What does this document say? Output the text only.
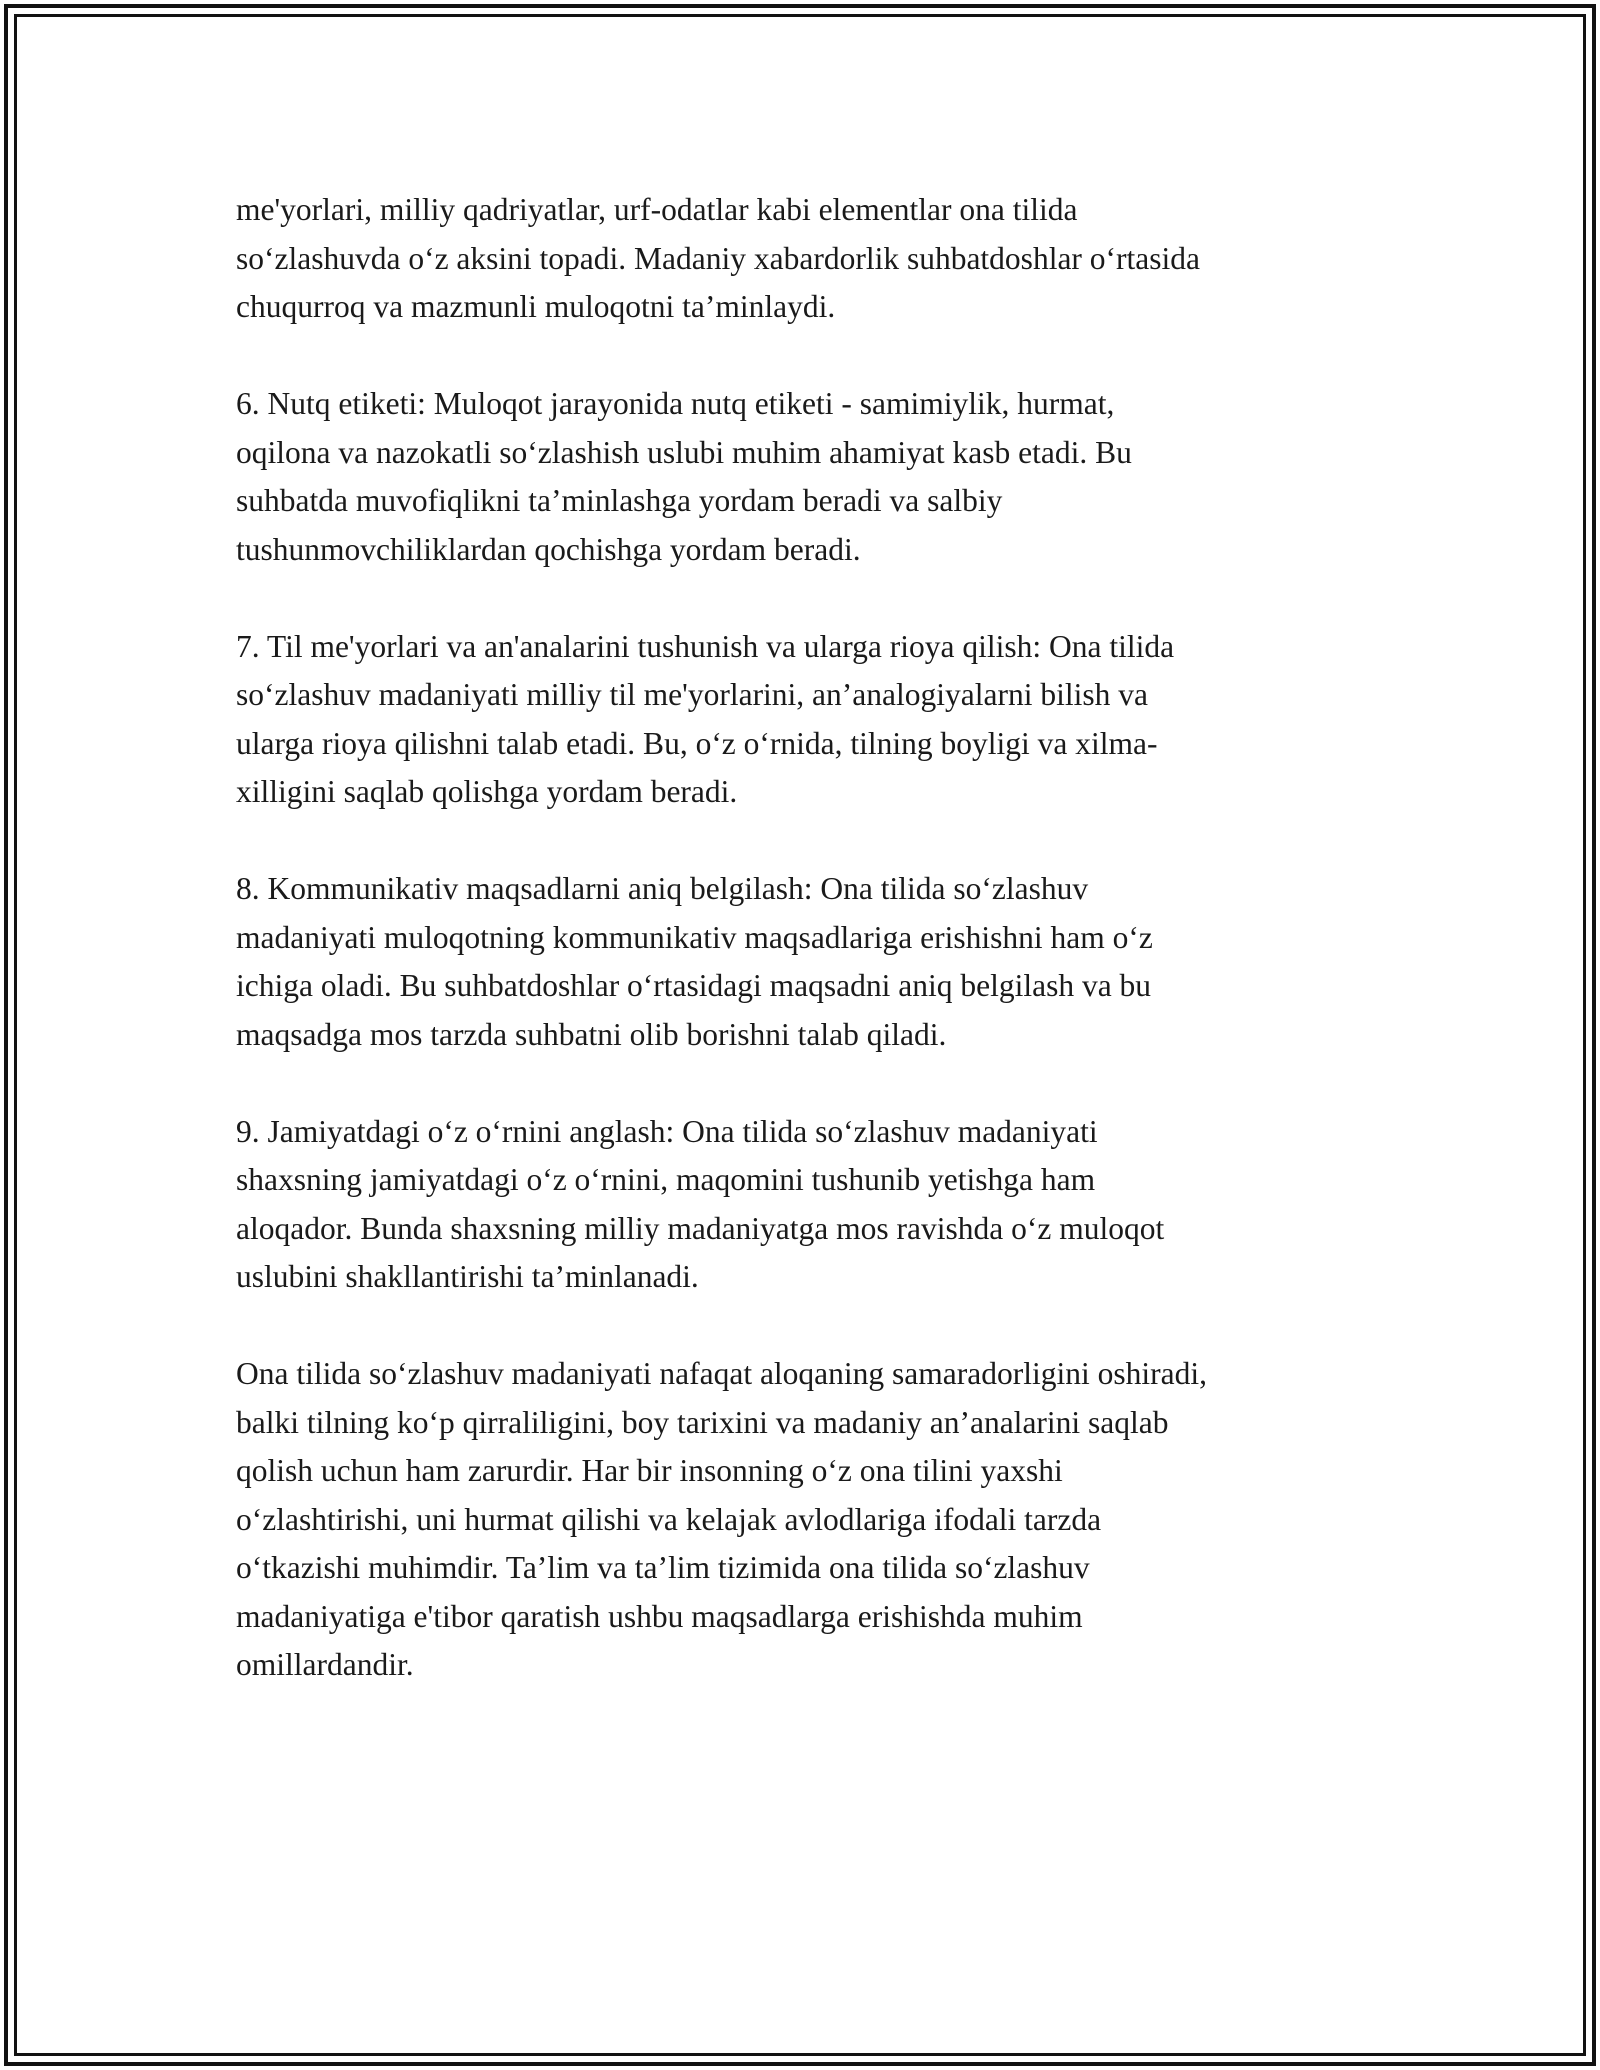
me'yorlari, milliy qadriyatlar, urf-odatlar kabi elementlar ona tilida
so‘zlashuvda o‘z aksini topadi. Madaniy xabardorlik suhbatdoshlar o‘rtasida
chuqurroq va mazmunli muloqotni ta’minlaydi.

6. Nutq etiketi: Muloqot jarayonida nutq etiketi - samimiylik, hurmat,
oqilona va nazokatli so‘zlashish uslubi muhim ahamiyat kasb etadi. Bu
suhbatda muvofiqlikni ta’minlashga yordam beradi va salbiy
tushunmovchiliklardan qochishga yordam beradi.

7. Til me'yorlari va an'analarini tushunish va ularga rioya qilish: Ona tilida
so‘zlashuv madaniyati milliy til me'yorlarini, an’analogiyalarni bilish va
ularga rioya qilishni talab etadi. Bu, o‘z o‘rnida, tilning boyligi va xilma-
xilligini saqlab qolishga yordam beradi.

8. Kommunikativ maqsadlarni aniq belgilash: Ona tilida so‘zlashuv
madaniyati muloqotning kommunikativ maqsadlariga erishishni ham o‘z
ichiga oladi. Bu suhbatdoshlar o‘rtasidagi maqsadni aniq belgilash va bu
maqsadga mos tarzda suhbatni olib borishni talab qiladi.

9. Jamiyatdagi o‘z o‘rnini anglash: Ona tilida so‘zlashuv madaniyati
shaxsning jamiyatdagi o‘z o‘rnini, maqomini tushunib yetishga ham
aloqador. Bunda shaxsning milliy madaniyatga mos ravishda o‘z muloqot
uslubini shakllantirishi ta’minlanadi.

Ona tilida so‘zlashuv madaniyati nafaqat aloqaning samaradorligini oshiradi,
balki tilning ko‘p qirraliligini, boy tarixini va madaniy an’analarini saqlab
qolish uchun ham zarurdir. Har bir insonning o‘z ona tilini yaxshi
o‘zlashtirishi, uni hurmat qilishi va kelajak avlodlariga ifodali tarzda
o‘tkazishi muhimdir. Ta’lim va ta’lim tizimida ona tilida so‘zlashuv
madaniyatiga e'tibor qaratish ushbu maqsadlarga erishishda muhim
omillardandir.
